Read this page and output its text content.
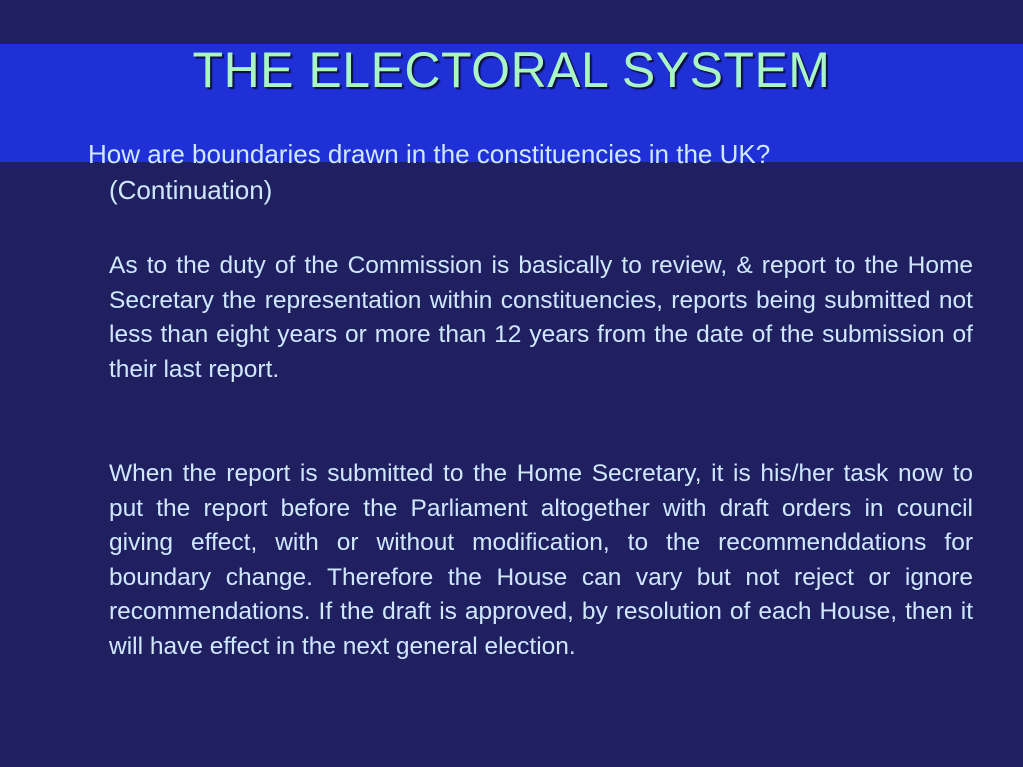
THE ELECTORAL SYSTEM

How are boundaries drawn in the constituencies in the UK?
(Continuation)

As to the duty of the Commission is basically to review, & report to the Home Secretary the representation within constituencies, reports being submitted not less than eight years or more than 12 years from the date of the submission of their last report.

When the report is submitted to the Home Secretary, it is his/her task now to put the report before the Parliament altogether with draft orders in council giving effect, with or without modification, to the recommenddations for boundary change. Therefore the House can vary but not reject or ignore recommendations. If the draft is approved, by resolution of each House, then it will have effect in the next general election.
